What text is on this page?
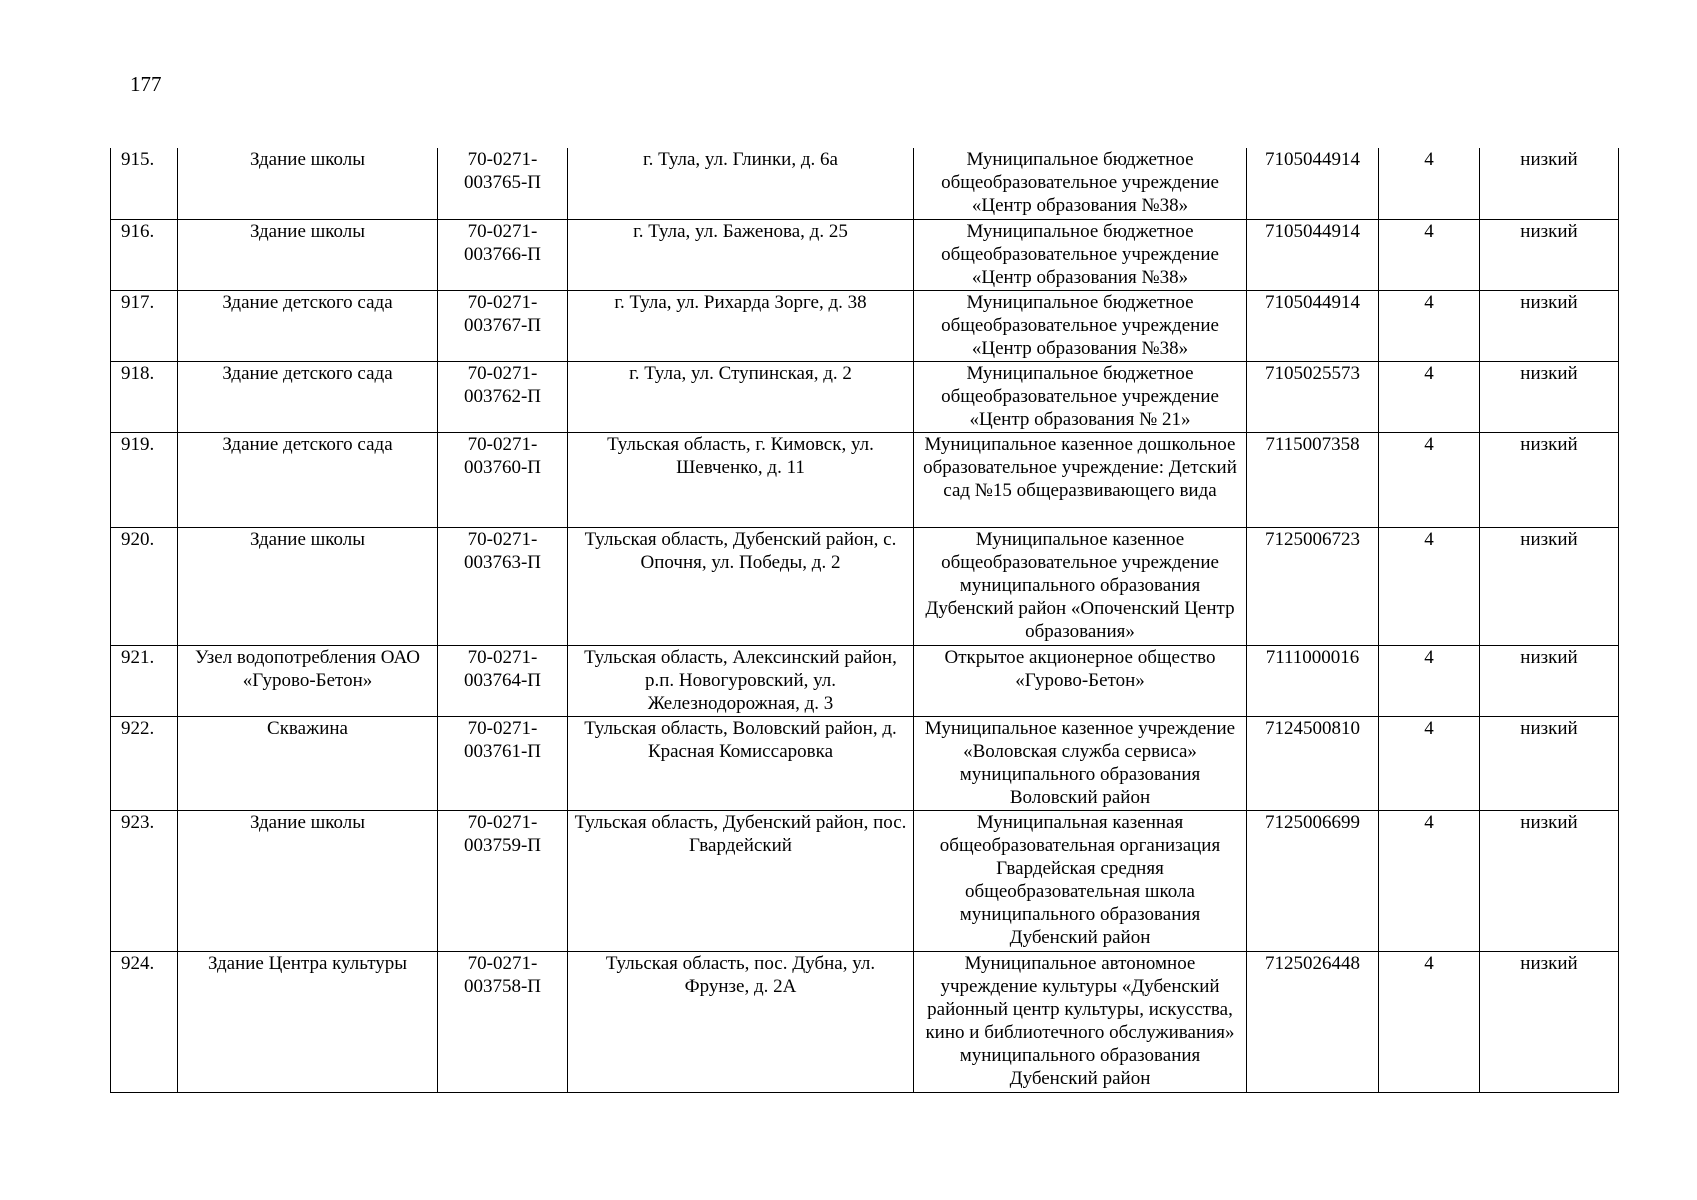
177
915.	Здание школы	70-0271-003765-П	г. Тула, ул. Глинки, д. 6а	Муниципальное бюджетное общеобразовательное учреждение «Центр образования №38»	7105044914	4	низкий
916.	Здание школы	70-0271-003766-П	г. Тула, ул. Баженова, д. 25	Муниципальное бюджетное общеобразовательное учреждение «Центр образования №38»	7105044914	4	низкий
917.	Здание детского сада	70-0271-003767-П	г. Тула, ул. Рихарда Зорге, д. 38	Муниципальное бюджетное общеобразовательное учреждение «Центр образования №38»	7105044914	4	низкий
918.	Здание детского сада	70-0271-003762-П	г. Тула, ул. Ступинская, д. 2	Муниципальное бюджетное общеобразовательное учреждение «Центр образования № 21»	7105025573	4	низкий
919.	Здание детского сада	70-0271-003760-П	Тульская область, г. Кимовск, ул. Шевченко, д. 11	Муниципальное казенное дошкольное образовательное учреждение: Детский сад №15 общеразвивающего вида	7115007358	4	низкий
920.	Здание школы	70-0271-003763-П	Тульская область, Дубенский район, с. Опочня, ул. Победы, д. 2	Муниципальное казенное общеобразовательное учреждение муниципального образования Дубенский район «Опоченский Центр образования»	7125006723	4	низкий
921.	Узел водопотребления ОАО «Гурово-Бетон»	70-0271-003764-П	Тульская область, Алексинский район, р.п. Новогуровский, ул. Железнодорожная, д. 3	Открытое акционерное общество «Гурово-Бетон»	7111000016	4	низкий
922.	Скважина	70-0271-003761-П	Тульская область, Воловский район, д. Красная Комиссаровка	Муниципальное казенное учреждение «Воловская служба сервиса» муниципального образования Воловский район	7124500810	4	низкий
923.	Здание школы	70-0271-003759-П	Тульская область, Дубенский район, пос. Гвардейский	Муниципальная казенная общеобразовательная организация Гвардейская средняя общеобразовательная школа муниципального образования Дубенский район	7125006699	4	низкий
924.	Здание Центра культуры	70-0271-003758-П	Тульская область, пос. Дубна, ул. Фрунзе, д. 2А	Муниципальное автономное учреждение культуры «Дубенский районный центр культуры, искусства, кино и библиотечного обслуживания» муниципального образования Дубенский район	7125026448	4	низкий
